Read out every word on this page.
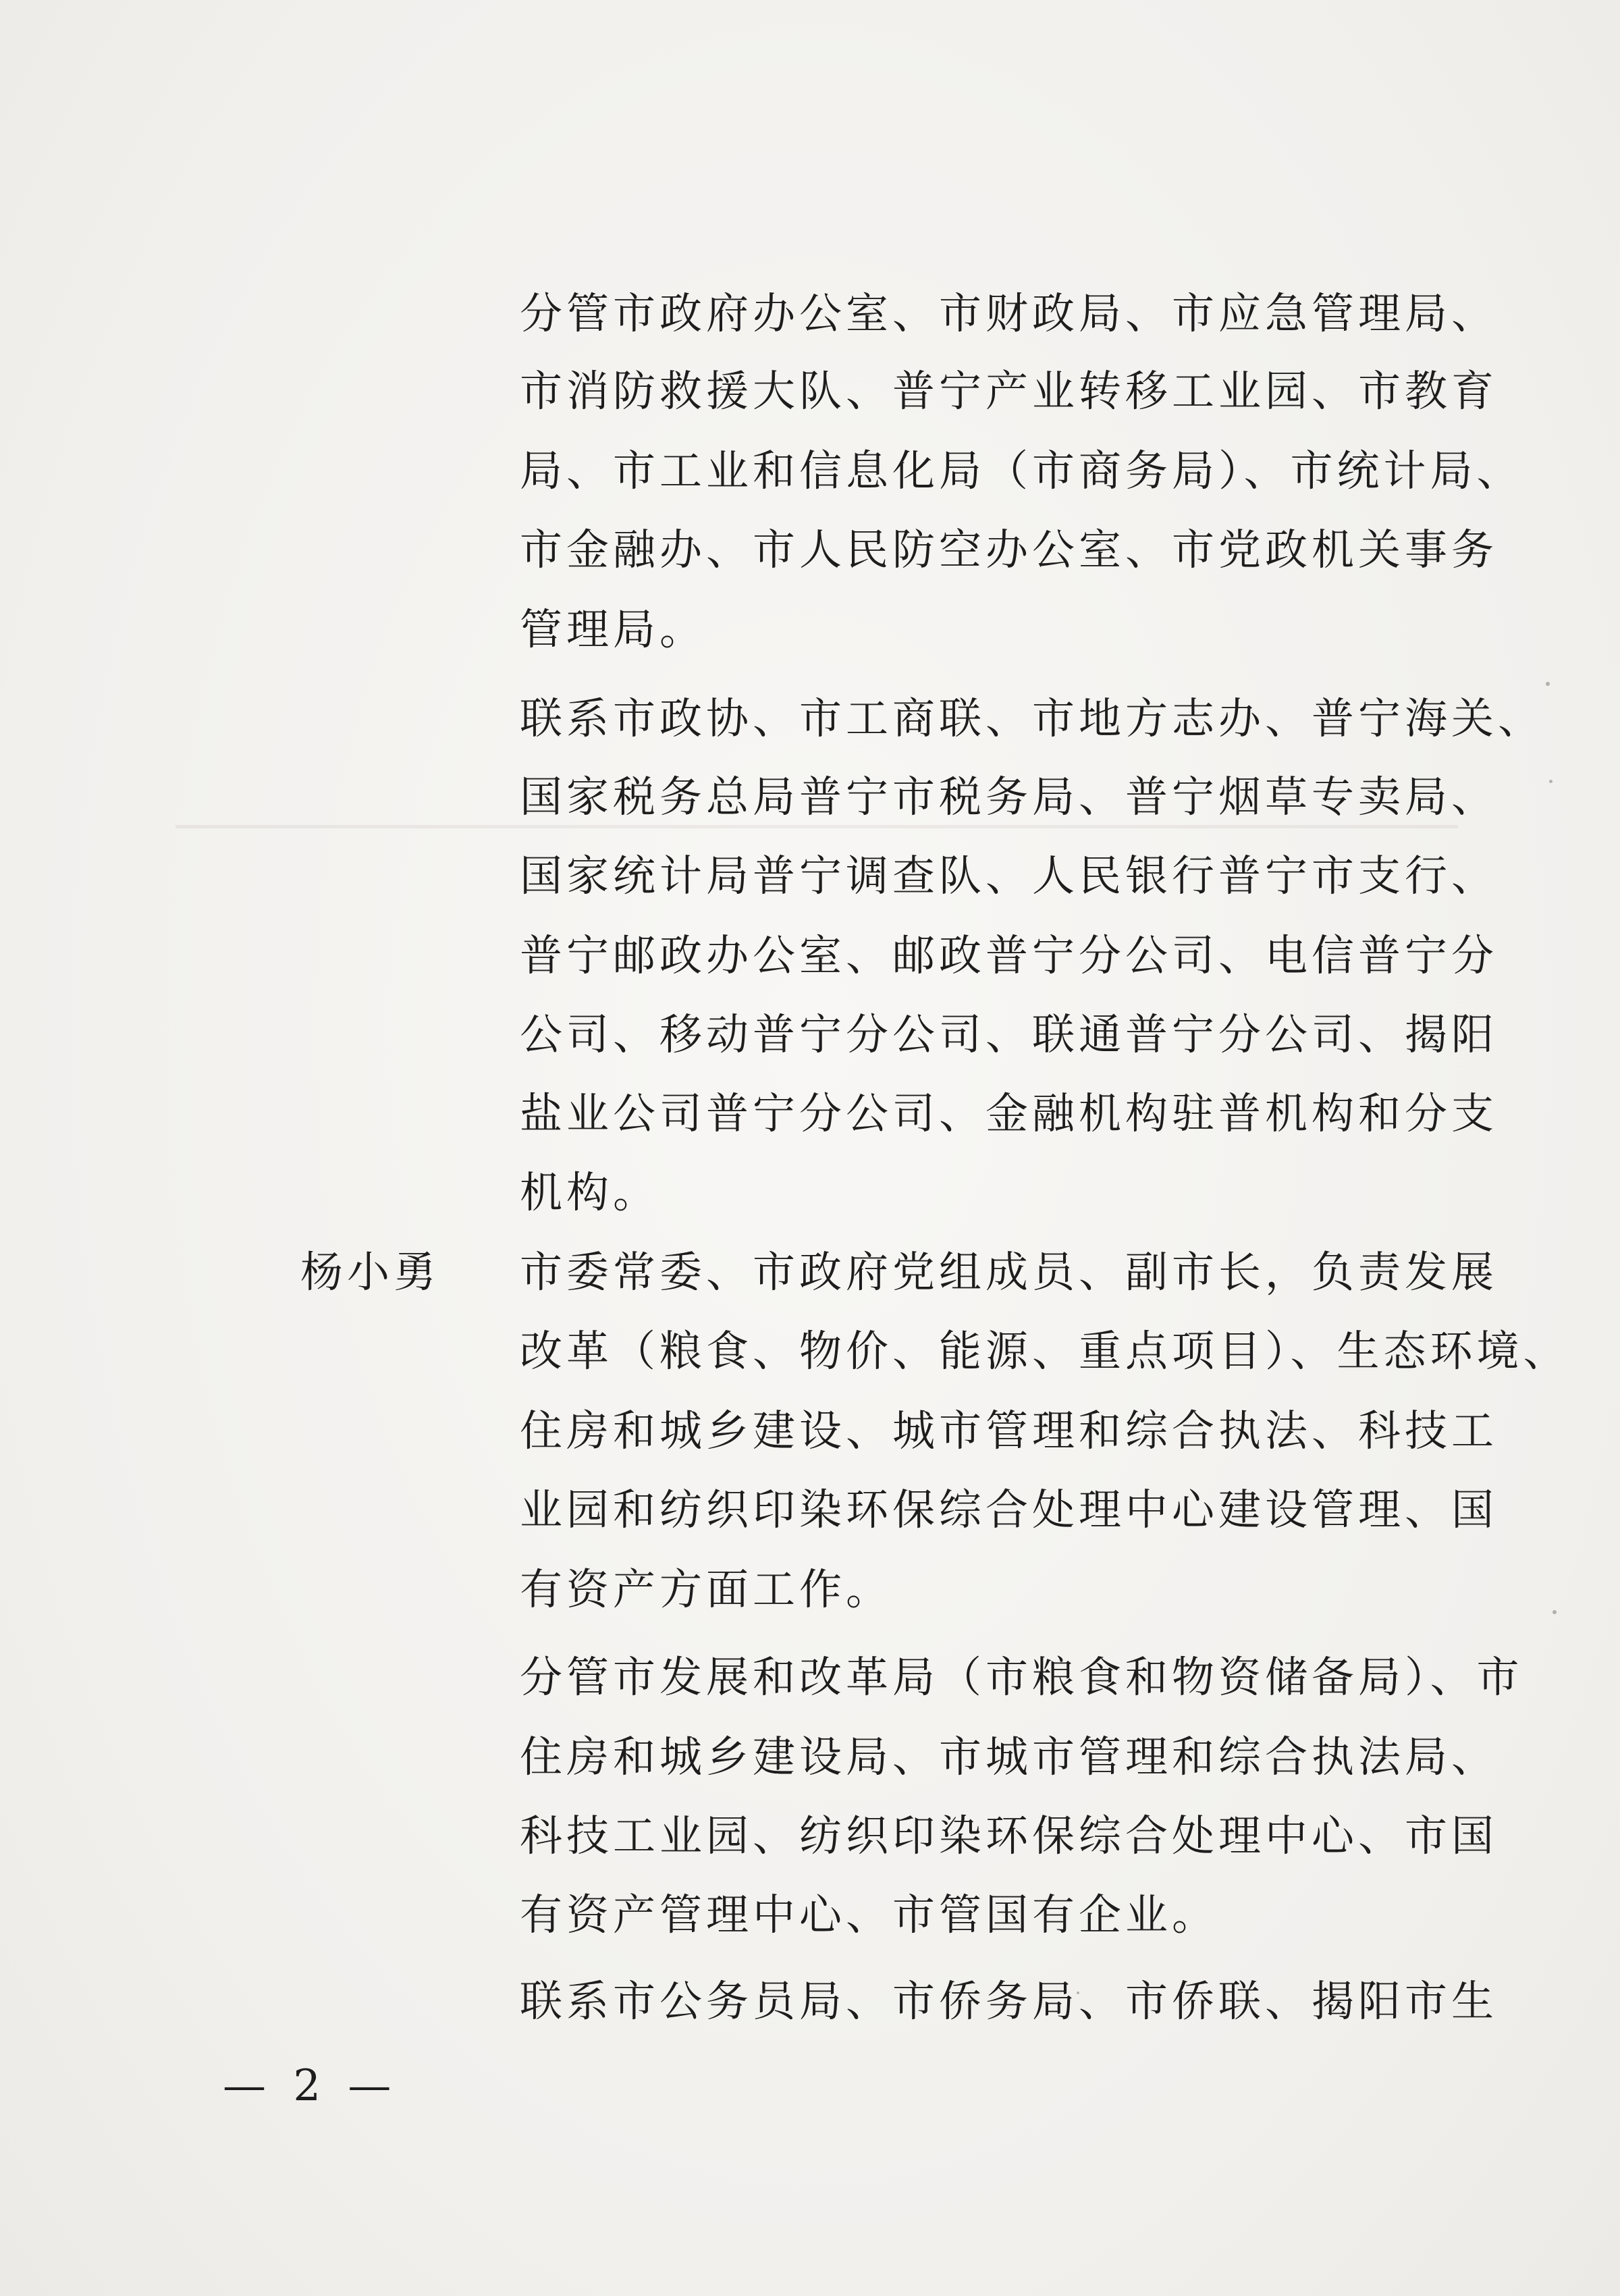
分管市政府办公室、市财政局、市应急管理局、
市消防救援大队、普宁产业转移工业园、市教育
局、市工业和信息化局（市商务局）、市统计局、
市金融办、市人民防空办公室、市党政机关事务
管理局。
联系市政协、市工商联、市地方志办、普宁海关、
国家税务总局普宁市税务局、普宁烟草专卖局、
国家统计局普宁调查队、人民银行普宁市支行、
普宁邮政办公室、邮政普宁分公司、电信普宁分
公司、移动普宁分公司、联通普宁分公司、揭阳
盐业公司普宁分公司、金融机构驻普机构和分支
机构。
杨小勇 市委常委、市政府党组成员、副市长，负责发展
改革（粮食、物价、能源、重点项目）、生态环境、
住房和城乡建设、城市管理和综合执法、科技工
业园和纺织印染环保综合处理中心建设管理、国
有资产方面工作。
分管市发展和改革局（市粮食和物资储备局）、市
住房和城乡建设局、市城市管理和综合执法局、
科技工业园、纺织印染环保综合处理中心、市国
有资产管理中心、市管国有企业。
联系市公务员局、市侨务局、市侨联、揭阳市生
— 2 —
